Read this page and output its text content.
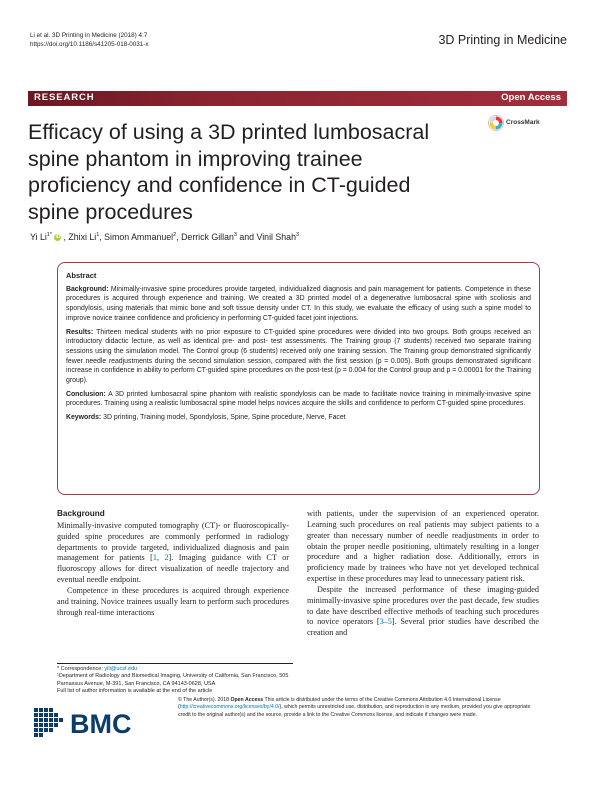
Li et al. 3D Printing in Medicine (2018) 4:7
https://doi.org/10.1186/s41205-018-0031-x	3D Printing in Medicine
RESEARCH	Open Access
Efficacy of using a 3D printed lumbosacral
spine phantom in improving trainee
proficiency and confidence in CT-guided
spine procedures
CrossMark
Yi $Li^{1*}$ iD , Zhixi Li$^1$, Simon Ammanuel$^2$, Derrick Gillan$^3$ and Vinil Shah$^3$
Abstract

Background: Minimally-invasive spine procedures provide targeted, individualized diagnosis and pain management for patients. Competence in these procedures is acquired through experience and training. We created a 3D printed model of a degenerative lumbosacral spine with scoliosis and spondylosis, using materials that mimic bone and soft tissue density under CT. In this study, we evaluate the efficacy of using such a spine model to improve novice trainee confidence and proficiency in performing CT-guided facet joint injections.

Results: Thirteen medical students with no prior exposure to CT-guided spine procedures were divided into two groups. Both groups received an introductory didactic lecture, as well as identical pre- and post- test assessments. The Training group (7 students) received two separate training sessions using the simulation model. The Control group (6 students) received only one training session. The Training group demonstrated significantly fewer needle readjustments during the second simulation session, compared with the first session (p = 0.005). Both groups demonstrated significant increase in confidence in ability to perform CT-guided spine procedures on the post-test (p = 0.004 for the Control group and p = 0.00001 for the Training group).

Conclusion: A 3D printed lumbosacral spine phantom with realistic spondylosis can be made to facilitate novice training in minimally-invasive spine procedures. Training using a realistic lumbosacral spine model helps novices acquire the skills and confidence to perform CT-guided spine procedures.

Keywords: 3D printing, Training model, Spondylosis, Spine, Spine procedure, Nerve, Facet

Background

Minimally-invasive computed tomography (CT)- or fluoroscopically-guided spine procedures are commonly performed in radiology departments to provide targeted, individualized diagnosis and pain management for patients [1, 2]. Imaging guidance with CT or fluoroscopy allows for direct visualization of needle trajectory and eventual needle endpoint.

Competence in these procedures is acquired through experience and training. Novice trainees usually learn to perform such procedures through real-time interactions

with patients, under the supervision of an experienced operator. Learning such procedures on real patients may subject patients to a greater than necessary number of needle readjustments in order to obtain the proper needle positioning, ultimately resulting in a longer procedure and a higher radiation dose. Additionally, errors in proficiency made by trainees who have not yet developed technical expertise in these procedures may lead to unnecessary patient risk.

Despite the increased performance of these imaging-guided minimally-invasive spine procedures over the past decade, few studies to date have described effective methods of teaching such procedures to novice operators [3–5]. Several prior studies have described the creation and

* Correspondence: yili@ucsf.edu

¹Department of Radiology and Biomedical Imaging, University of California, San Francisco, 505 Parnassus Avenue, M-391, San Francisco, CA 94143-0628, USA

Full list of author information is available at the end of the article

BMC
© The Author(s). 2018 Open Access This article is distributed under the terms of the Creative Commons Attribution 4.0 International License (http://creativecommons.org/licenses/by/4.0/), which permits unrestricted use, distribution, and reproduction in any medium, provided you give appropriate credit to the original author(s) and the source, provide a link to the Creative Commons license, and indicate if changes were made.
